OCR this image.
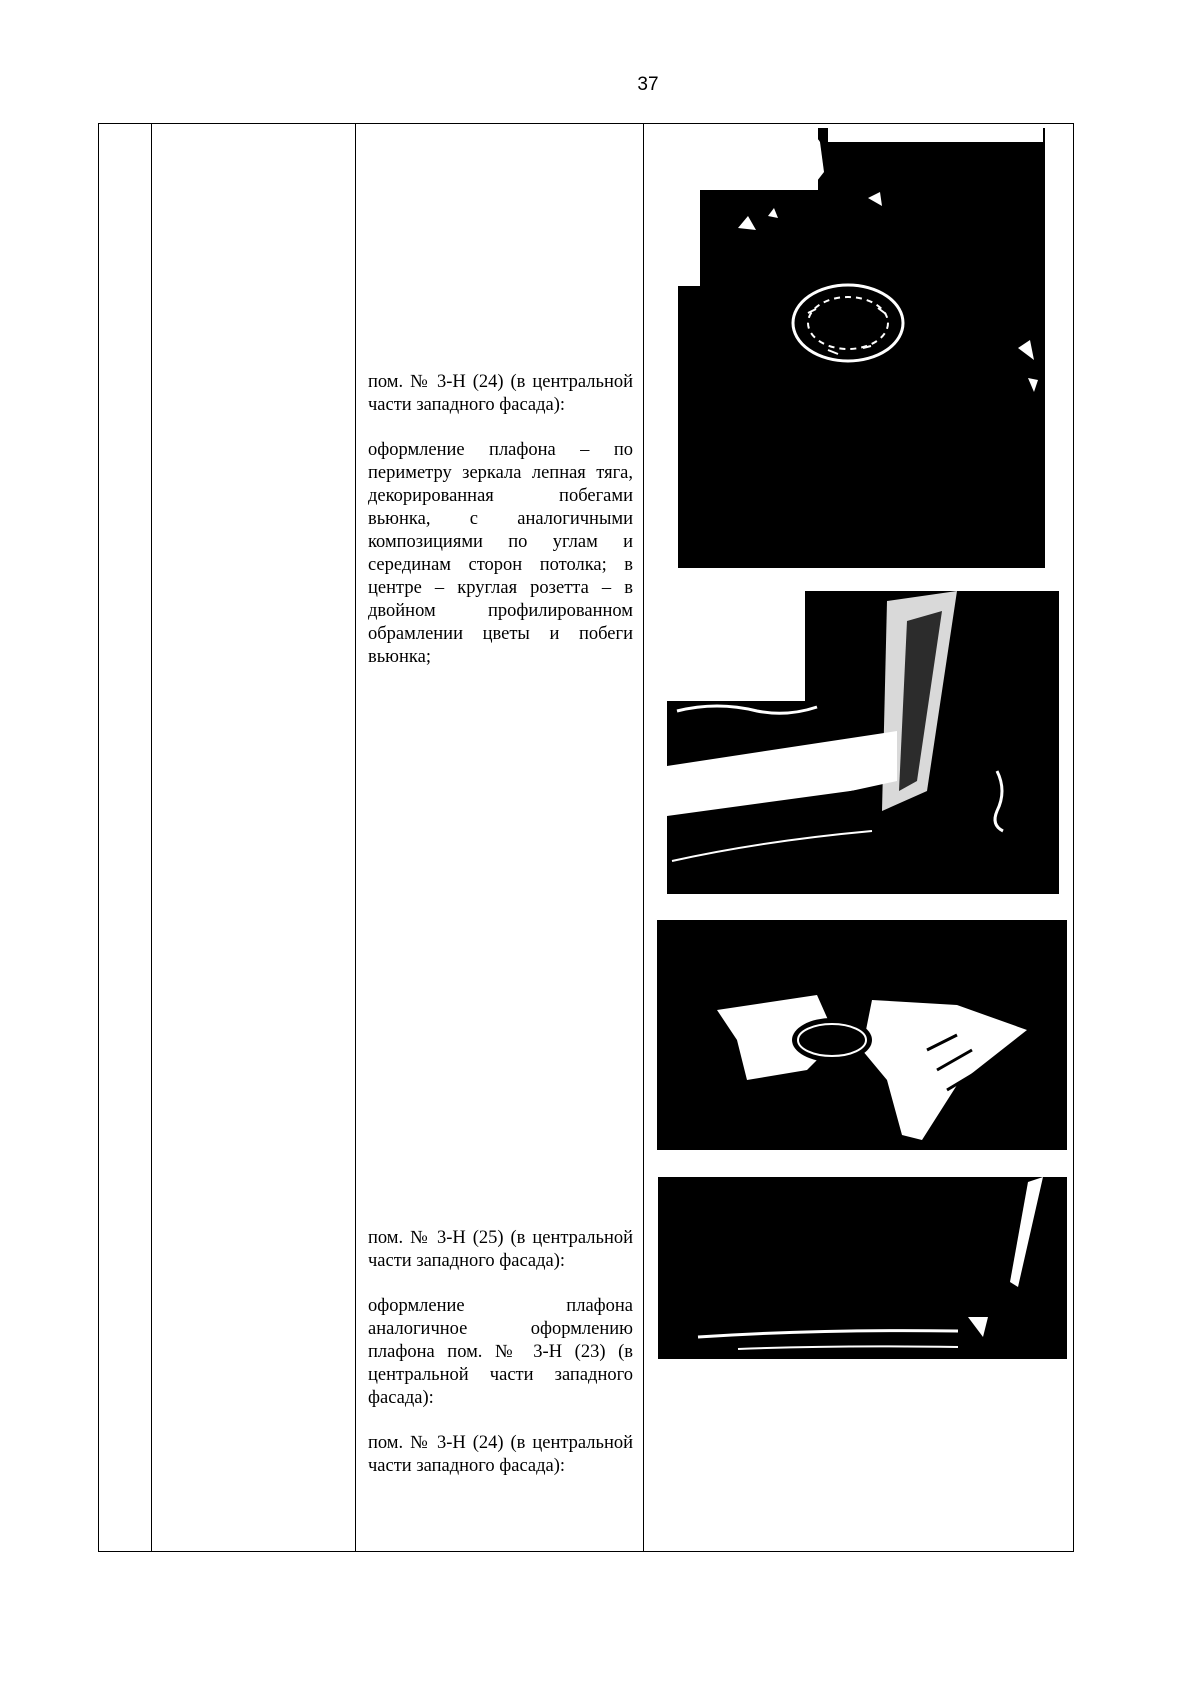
37

пом. № 3-Н (24) (в центральной части западного фасада):

оформление плафона – по периметру зеркала лепная тяга, декорированная побегами вьюнка, с аналогичными композициями по углам и серединам сторон потолка; в центре – круглая розетта – в двойном профилированном обрамлении цветы и побеги вьюнка;

пом. № 3-Н (25) (в центральной части западного фасада):

оформление плафона аналогичное оформлению плафона пом. № 3-Н (23) (в центральной части западного фасада):

пом. № 3-Н (24) (в центральной части западного фасада):
